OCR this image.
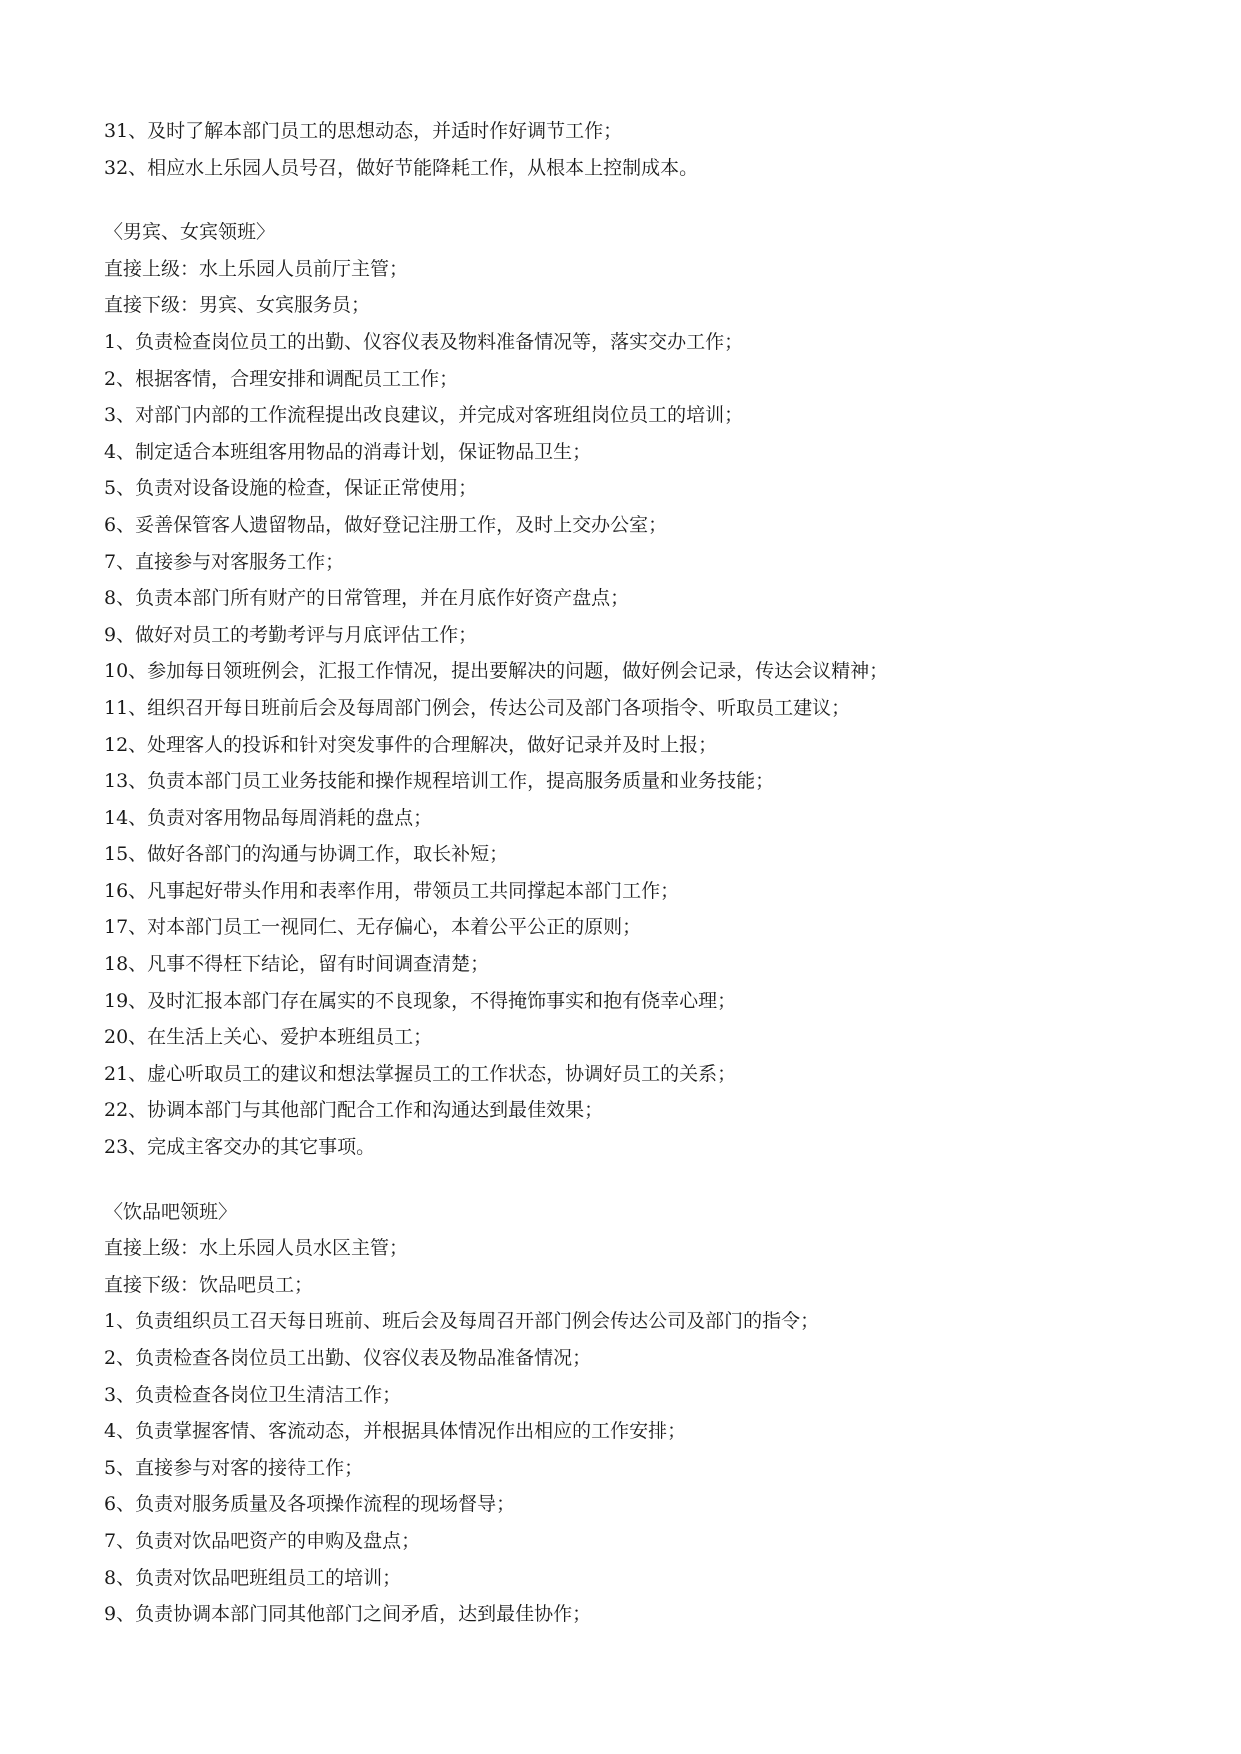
31、及时了解本部门员工的思想动态，并适时作好调节工作；
32、相应水上乐园人员号召，做好节能降耗工作，从根本上控制成本。
〈男宾、女宾领班〉
直接上级：水上乐园人员前厅主管；
直接下级：男宾、女宾服务员；
1、负责检查岗位员工的出勤、仪容仪表及物料准备情况等，落实交办工作；
2、根据客情，合理安排和调配员工工作；
3、对部门内部的工作流程提出改良建议，并完成对客班组岗位员工的培训；
4、制定适合本班组客用物品的消毒计划，保证物品卫生；
5、负责对设备设施的检查，保证正常使用；
6、妥善保管客人遗留物品，做好登记注册工作，及时上交办公室；
7、直接参与对客服务工作；
8、负责本部门所有财产的日常管理，并在月底作好资产盘点；
9、做好对员工的考勤考评与月底评估工作；
10、参加每日领班例会，汇报工作情况，提出要解决的问题，做好例会记录，传达会议精神；
11、组织召开每日班前后会及每周部门例会，传达公司及部门各项指令、听取员工建议；
12、处理客人的投诉和针对突发事件的合理解决，做好记录并及时上报；
13、负责本部门员工业务技能和操作规程培训工作，提高服务质量和业务技能；
14、负责对客用物品每周消耗的盘点；
15、做好各部门的沟通与协调工作，取长补短；
16、凡事起好带头作用和表率作用，带领员工共同撑起本部门工作；
17、对本部门员工一视同仁、无存偏心，本着公平公正的原则；
18、凡事不得枉下结论，留有时间调查清楚；
19、及时汇报本部门存在属实的不良现象，不得掩饰事实和抱有侥幸心理；
20、在生活上关心、爱护本班组员工；
21、虚心听取员工的建议和想法掌握员工的工作状态，协调好员工的关系；
22、协调本部门与其他部门配合工作和沟通达到最佳效果；
23、完成主客交办的其它事项。
〈饮品吧领班〉
直接上级：水上乐园人员水区主管；
直接下级：饮品吧员工；
1、负责组织员工召天每日班前、班后会及每周召开部门例会传达公司及部门的指令；
2、负责检查各岗位员工出勤、仪容仪表及物品准备情况；
3、负责检查各岗位卫生清洁工作；
4、负责掌握客情、客流动态，并根据具体情况作出相应的工作安排；
5、直接参与对客的接待工作；
6、负责对服务质量及各项操作流程的现场督导；
7、负责对饮品吧资产的申购及盘点；
8、负责对饮品吧班组员工的培训；
9、负责协调本部门同其他部门之间矛盾，达到最佳协作；
